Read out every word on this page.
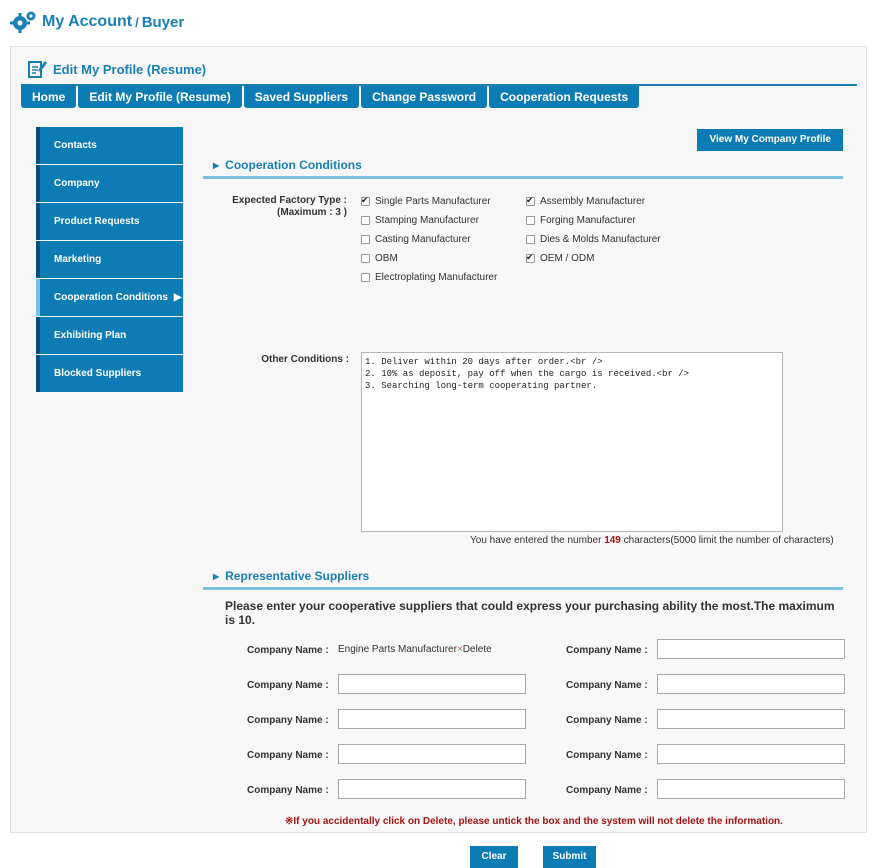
My Account / Buyer
Edit My Profile (Resume)
Home	Edit My Profile (Resume)	Saved Suppliers	Change Password	Cooperation Requests
Contacts
Company
Product Requests
Marketing
Cooperation Conditions ▶
Exhibiting Plan
Blocked Suppliers
View My Company Profile
▶ Cooperation Conditions
Expected Factory Type :
(Maximum : 3 )
✔
Single Parts Manufacturer ✔	Assembly Manufacturer
Stamping Manufacturer	Forging Manufacturer
Casting Manufacturer	Dies & Molds Manufacturer
OBM ✔	OEM / ODM
Electroplating Manufacturer
Other Conditions :	1. Deliver within 20 days after order.<br />
2. 10% as deposit, pay off when the cargo is received.<br />
3. Searching long-term cooperating partner.
You have entered the number 149 characters(5000 limit the number of characters)
▶ Representative Suppliers
Please enter your cooperative suppliers that could express your purchasing ability the most.The maximum is 10.
Company Name : Engine Parts Manufacturer × Delete	Company Name :
Company Name :	Company Name :
Company Name :	Company Name :
Company Name :	Company Name :
Company Name :	Company Name :
※If you accidentally click on Delete, please untick the box and the system will not delete the information.
Clear	Submit
